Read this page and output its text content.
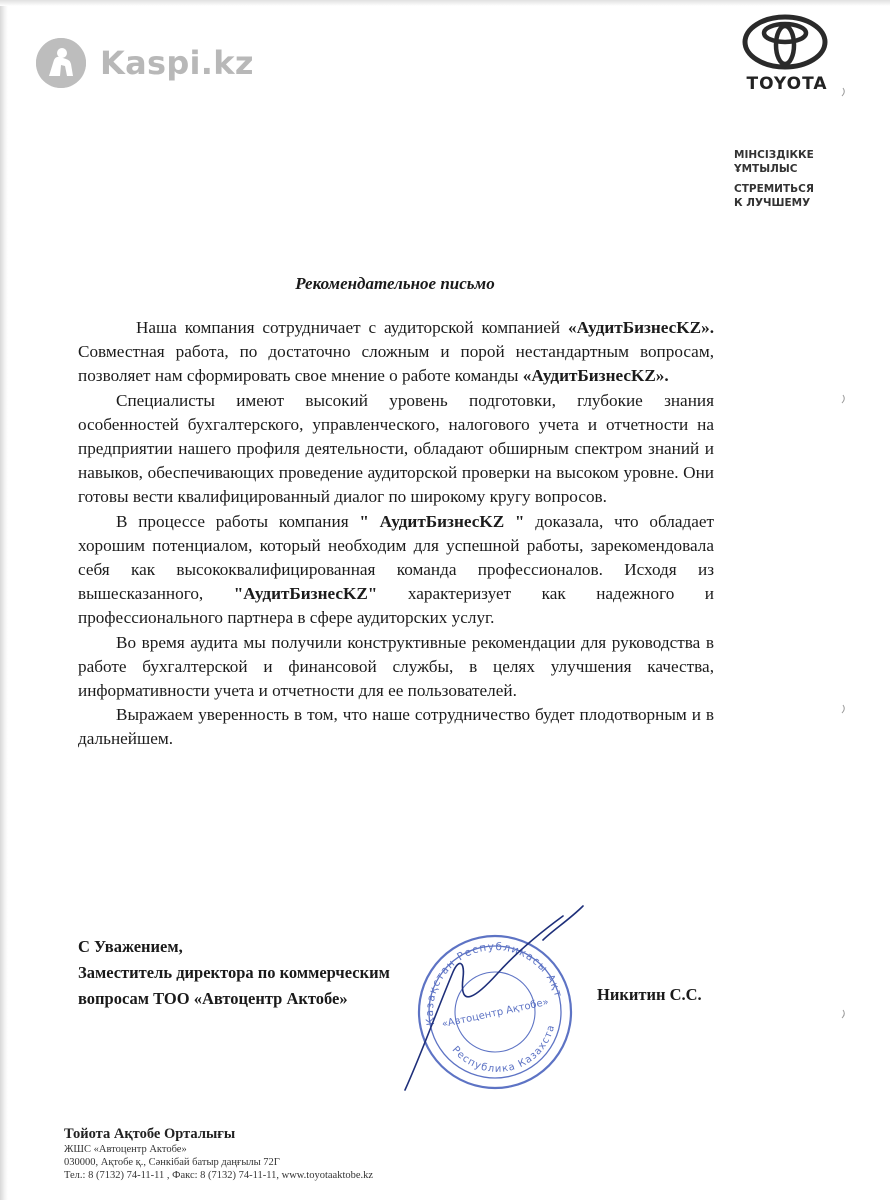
Kaspi.kz
TOYOTA
МІНСІЗДІККЕ
ҰМТЫЛЫС
СТРЕМИТЬСЯ
К ЛУЧШЕМУ
Рекомендательное письмо

Наша компания сотрудничает с аудиторской компанией «АудитБизнесKZ». Совместная работа, по достаточно сложным и порой нестандартным вопросам, позволяет нам сформировать свое мнение о работе команды «АудитБизнесKZ».

Специалисты имеют высокий уровень подготовки, глубокие знания особенностей бухгалтерского, управленческого, налогового учета и отчетности на предприятии нашего профиля деятельности, обладают обширным спектром знаний и навыков, обеспечивающих проведение аудиторской проверки на высоком уровне. Они готовы вести квалифицированный диалог по широкому кругу вопросов.

В процессе работы компания " АудитБизнесKZ " доказала, что обладает хорошим потенциалом, который необходим для успешной работы, зарекомендовала себя как высококвалифицированная команда профессионалов. Исходя из вышесказанного, "АудитБизнесKZ" характеризует как надежного и профессионального партнера в сфере аудиторских услуг.

Во время аудита мы получили конструктивные рекомендации для руководства в работе бухгалтерской и финансовой службы, в целях улучшения качества, информативности учета и отчетности для ее пользователей.

Выражаем уверенность в том, что наше сотрудничество будет плодотворным и в дальнейшем.

С Уважением,
Заместитель директора по коммерческим
вопросам ТОО «Автоцентр Актобе»	Никитин С.С.
Қазақстан Республикасы Ақтөбе
Республика Казахстан
«Автоцентр Ақтобе»
Тойота Ақтобе Орталығы
ЖШС «Автоцентр Актобе»
030000, Ақтобе қ., Сәнкібай батыр даңғылы 72Г
Тел.: 8 (7132) 74-11-11 , Факс: 8 (7132) 74-11-11, www.toyotaaktobe.kz
